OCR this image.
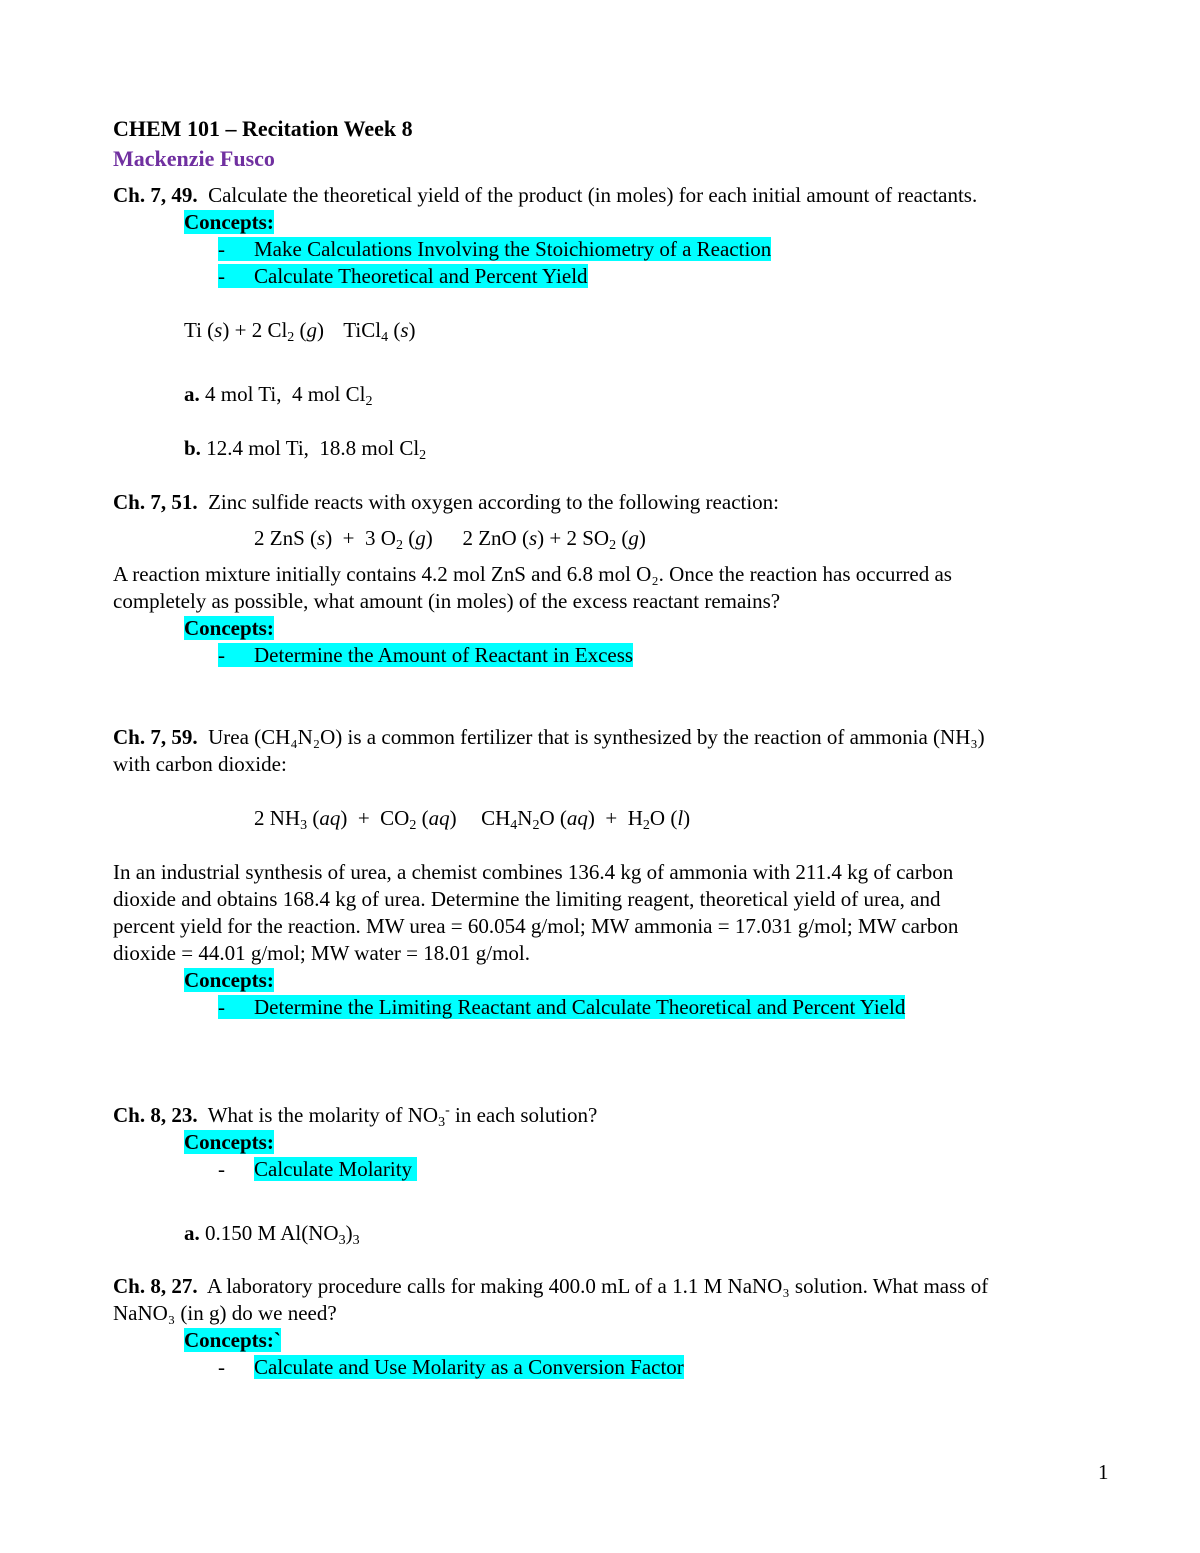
CHEM 101 – Recitation Week 8
Mackenzie Fusco
Ch. 7, 49. Calculate the theoretical yield of the product (in moles) for each initial amount of reactants.
Concepts:
- Make Calculations Involving the Stoichiometry of a Reaction
- Calculate Theoretical and Percent Yield
Ti (s) + 2 $Cl_2$ (g) TiCl$_4$ (s)
a. 4 mol Ti,  4 mol $Cl_2$
b. 12.4 mol Ti,  18.8 mol $Cl_2$
Ch. 7, 51. Zinc sulfide reacts with oxygen according to the following reaction:
2 ZnS (s)  +  3 $O_2$ (g)   2 ZnO (s) + 2 $SO_2$ (g)
A reaction mixture initially contains 4.2 mol ZnS and 6.8 mol O₂. Once the reaction has occurred as
completely as possible, what amount (in moles) of the excess reactant remains?
Concepts:
- Determine the Amount of Reactant in Excess
Ch. 7, 59. Urea (CH₄N₂O) is a common fertilizer that is synthesized by the reaction of ammonia (NH₃)
with carbon dioxide:
2 $NH_3$ $(aq) + CO_2$ (aq)  $CH_4N_2O$ $(aq) + H_2O$ (l)
In an industrial synthesis of urea, a chemist combines 136.4 kg of ammonia with 211.4 kg of carbon
dioxide and obtains 168.4 kg of urea. Determine the limiting reagent, theoretical yield of urea, and
percent yield for the reaction. MW urea = 60.054 g/mol; MW ammonia = 17.031 g/mol; MW carbon
dioxide = 44.01 g/mol; MW water = 18.01 g/mol.
Concepts:
- Determine the Limiting Reactant and Calculate Theoretical and Percent Yield
Ch. 8, 23. What is the molarity of $NO_3^-$ in each solution?
Concepts:
- Calculate Molarity
a. 0.150 M $Al(NO_3)_3$
Ch. 8, 27. A laboratory procedure calls for making 400.0 mL of a 1.1 M NaNO₃ solution. What mass of
NaNO₃ (in g) do we need?
Concepts:`
- Calculate and Use Molarity as a Conversion Factor
1
